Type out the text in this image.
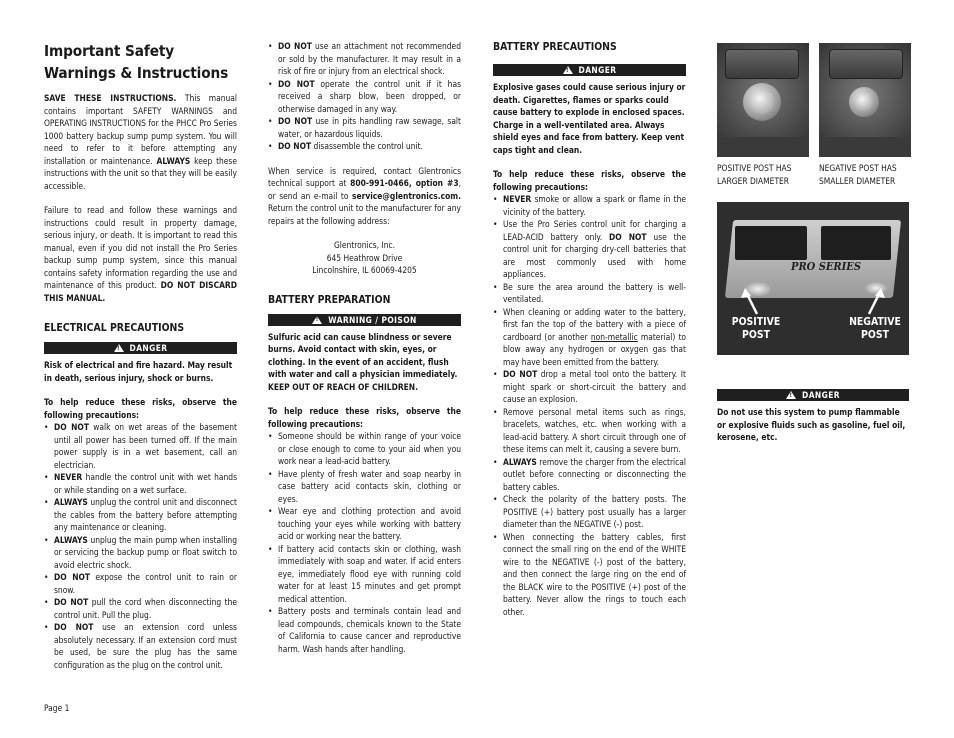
Important Safety Warnings & Instructions

SAVE THESE INSTRUCTIONS. This manual contains important SAFETY WARNINGS and OPERATING INSTRUCTIONS for the PHCC Pro Series 1000 battery backup sump pump system. You will need to refer to it before attempting any installation or maintenance. ALWAYS keep these instructions with the unit so that they will be easily accessible.

Failure to read and follow these warnings and instructions could result in property damage, serious injury, or death. It is important to read this manual, even if you did not install the Pro Series backup sump pump system, since this manual contains safety information regarding the use and maintenance of this product. DO NOT DISCARD THIS MANUAL.

ELECTRICAL PRECAUTIONS
!DANGER

Risk of electrical and fire hazard. May result in death, serious injury, shock or burns.

To help reduce these risks, observe the following precautions:

• DO NOT walk on wet areas of the basement until all power has been turned off. If the main power supply is in a wet basement, call an electrician.
• NEVER handle the control unit with wet hands or while standing on a wet surface.
• ALWAYS unplug the control unit and disconnect the cables from the battery before attempting any maintenance or cleaning.
• ALWAYS unplug the main pump when installing or servicing the backup pump or float switch to avoid electric shock.
• DO NOT expose the control unit to rain or snow.
• DO NOT pull the cord when disconnecting the control unit. Pull the plug.
• DO NOT use an extension cord unless absolutely necessary. If an extension cord must be used, be sure the plug has the same configuration as the plug on the control unit.
• DO NOT use an attachment not recommended or sold by the manufacturer. It may result in a risk of fire or injury from an electrical shock.
• DO NOT operate the control unit if it has received a sharp blow, been dropped, or otherwise damaged in any way.
• DO NOT use in pits handling raw sewage, salt water, or hazardous liquids.
• DO NOT disassemble the control unit.

When service is required, contact Glentronics technical support at 800-991-0466, option #3, or send an e-mail to service@glentronics.com. Return the control unit to the manufacturer for any repairs at the following address:

Glentronics, Inc.

645 Heathrow Drive

Lincolnshire, IL 60069-4205

BATTERY PREPARATION
!WARNING / POISON

Sulfuric acid can cause blindness or severe burns. Avoid contact with skin, eyes, or clothing. In the event of an accident, flush with water and call a physician immediately. KEEP OUT OF REACH OF CHILDREN.

To help reduce these risks, observe the following precautions:

• Someone should be within range of your voice or close enough to come to your aid when you work near a lead-acid battery.
• Have plenty of fresh water and soap nearby in case battery acid contacts skin, clothing or eyes.
• Wear eye and clothing protection and avoid touching your eyes while working with battery acid or working near the battery.
• If battery acid contacts skin or clothing, wash immediately with soap and water. If acid enters eye, immediately flood eye with running cold water for at least 15 minutes and get prompt medical attention.
• Battery posts and terminals contain lead and lead compounds, chemicals known to the State of California to cause cancer and reproductive harm. Wash hands after handling.
BATTERY PRECAUTIONS
!DANGER

Explosive gases could cause serious injury or death. Cigarettes, flames or sparks could cause battery to explode in enclosed spaces. Charge in a well-ventilated area. Always shield eyes and face from battery. Keep vent caps tight and clean.

To help reduce these risks, observe the following precautions:

• NEVER smoke or allow a spark or flame in the vicinity of the battery.
• Use the Pro Series control unit for charging a LEAD-ACID battery only. DO NOT use the control unit for charging dry-cell batteries that are most commonly used with home appliances.
• Be sure the area around the battery is well-ventilated.
• When cleaning or adding water to the battery, first fan the top of the battery with a piece of cardboard (or another non-metallic material) to blow away any hydrogen or oxygen gas that may have been emitted from the battery.
• DO NOT drop a metal tool onto the battery. It might spark or short-circuit the battery and cause an explosion.
• Remove personal metal items such as rings, bracelets, watches, etc. when working with a lead-acid battery. A short circuit through one of these items can melt it, causing a severe burn.
• ALWAYS remove the charger from the electrical outlet before connecting or disconnecting the battery cables.
• Check the polarity of the battery posts. The POSITIVE (+) battery post usually has a larger diameter than the NEGATIVE (-) post.
• When connecting the battery cables, first connect the small ring on the end of the WHITE wire to the NEGATIVE (-) post of the battery, and then connect the large ring on the end of the BLACK wire to the POSITIVE (+) post of the battery. Never allow the rings to touch each other.
POSITIVE POST HAS
LARGER DIAMETER
NEGATIVE POST HAS
SMALLER DIAMETER
PRO SERIES
POSITIVE
POST
NEGATIVE
POST
!DANGER

Do not use this system to pump flammable or explosive fluids such as gasoline, fuel oil, kerosene, etc.

Page 1
